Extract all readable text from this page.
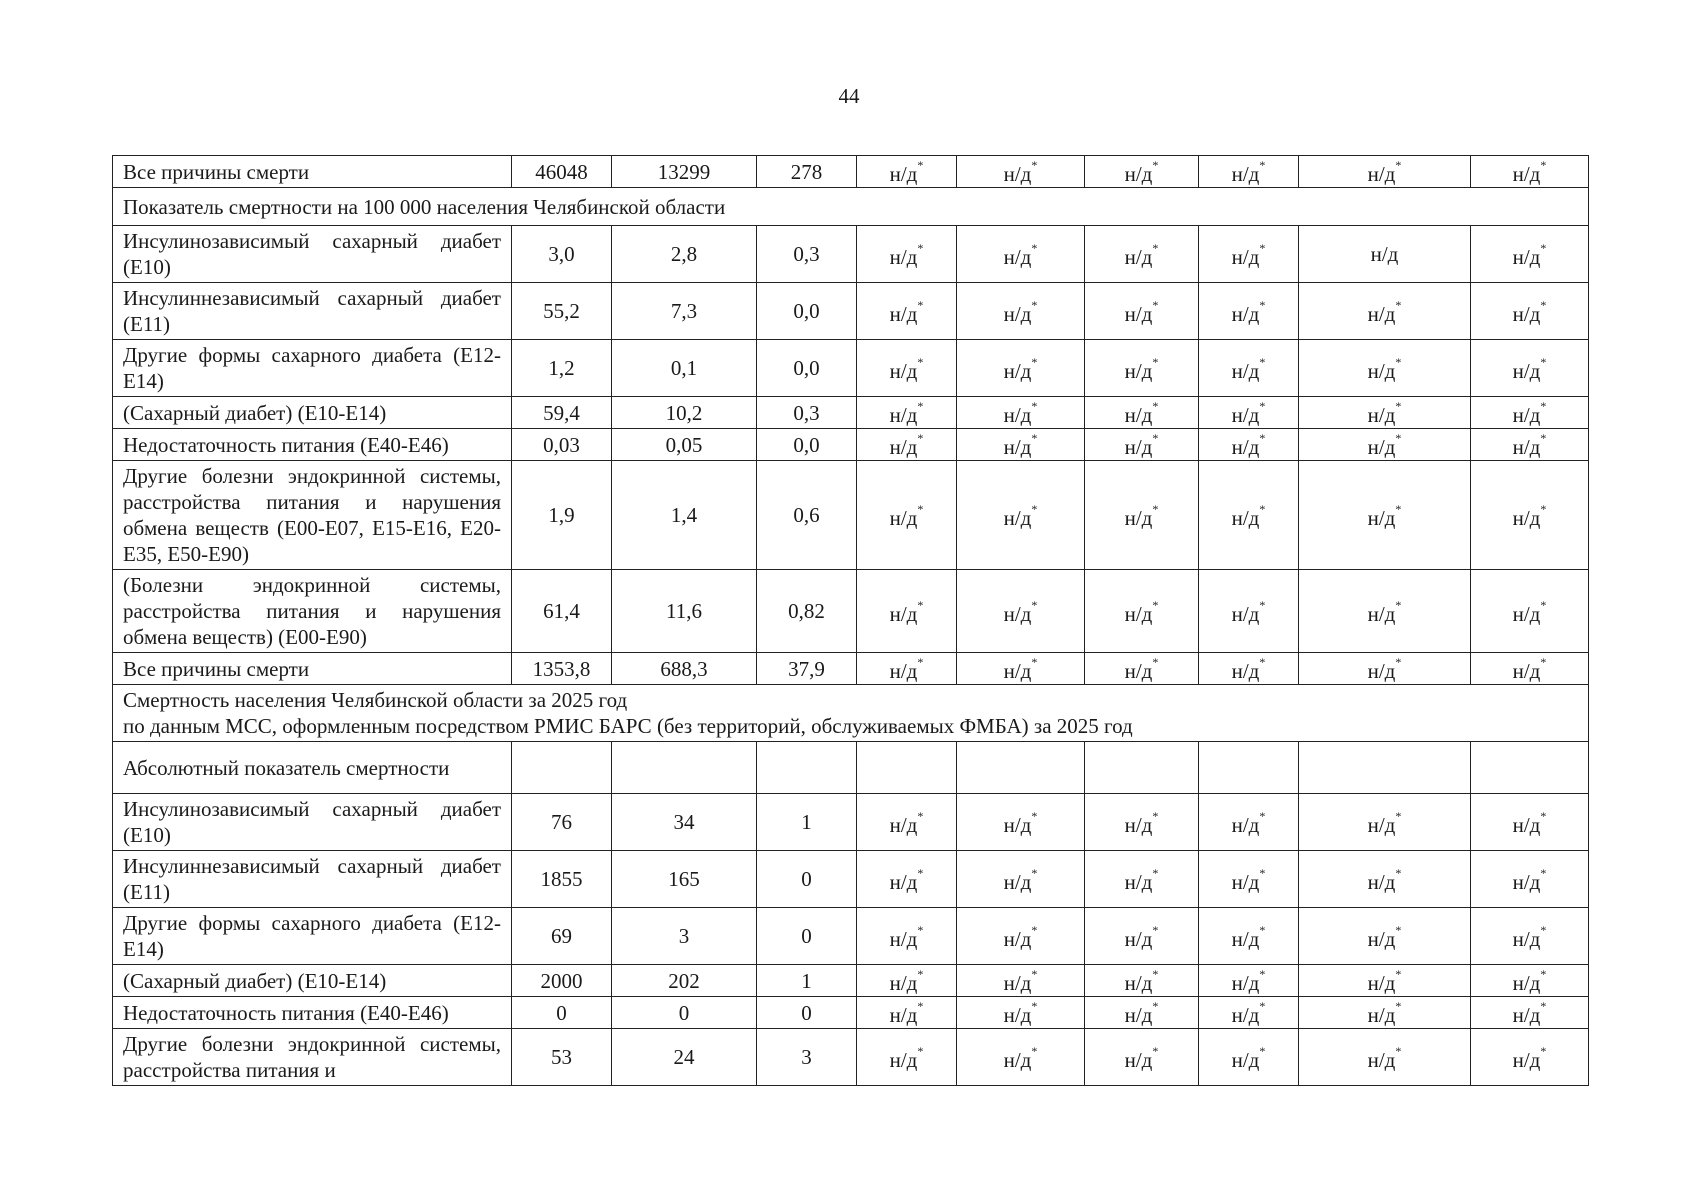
44
Все причины смерти	46048	13299	278	н/д*	н/д*	н/д*	н/д*	н/д*	н/д*
Показатель смертности на 100 000 населения Челябинской области									
Инсулинозависимый сахарный диабет (Е10)	3,0	2,8	0,3	н/д*	н/д*	н/д*	н/д*	н/д	н/д*
Инсулиннезависимый сахарный диабет (Е11)	55,2	7,3	0,0	н/д*	н/д*	н/д*	н/д*	н/д*	н/д*
Другие формы сахарного диабета (Е12-Е14)	1,2	0,1	0,0	н/д*	н/д*	н/д*	н/д*	н/д*	н/д*
(Сахарный диабет) (Е10-Е14)	59,4	10,2	0,3	н/д*	н/д*	н/д*	н/д*	н/д*	н/д*
Недостаточность питания (Е40-Е46)	0,03	0,05	0,0	н/д*	н/д*	н/д*	н/д*	н/д*	н/д*
Другие болезни эндокринной системы, расстройства питания и нарушения обмена веществ (Е00-Е07, Е15-Е16, Е20-Е35, Е50-Е90)	1,9	1,4	0,6	н/д*	н/д*	н/д*	н/д*	н/д*	н/д*
(Болезни эндокринной системы, расстройства питания и нарушения обмена веществ) (Е00-Е90)	61,4	11,6	0,82	н/д*	н/д*	н/д*	н/д*	н/д*	н/д*
Все причины смерти	1353,8	688,3	37,9	н/д*	н/д*	н/д*	н/д*	н/д*	н/д*
Смертность населения Челябинской области за 2025 год
по данным МСС, оформленным посредством РМИС БАРС (без территорий, обслуживаемых ФМБА) за 2025 год									
Абсолютный показатель смертности									
Инсулинозависимый сахарный диабет (Е10)	76	34	1	н/д*	н/д*	н/д*	н/д*	н/д*	н/д*
Инсулиннезависимый сахарный диабет (Е11)	1855	165	0	н/д*	н/д*	н/д*	н/д*	н/д*	н/д*
Другие формы сахарного диабета (Е12-Е14)	69	3	0	н/д*	н/д*	н/д*	н/д*	н/д*	н/д*
(Сахарный диабет) (Е10-Е14)	2000	202	1	н/д*	н/д*	н/д*	н/д*	н/д*	н/д*
Недостаточность питания (Е40-Е46)	0	0	0	н/д*	н/д*	н/д*	н/д*	н/д*	н/д*
Другие болезни эндокринной системы, расстройства питания и	53	24	3	н/д*	н/д*	н/д*	н/д*	н/д*	н/д*
